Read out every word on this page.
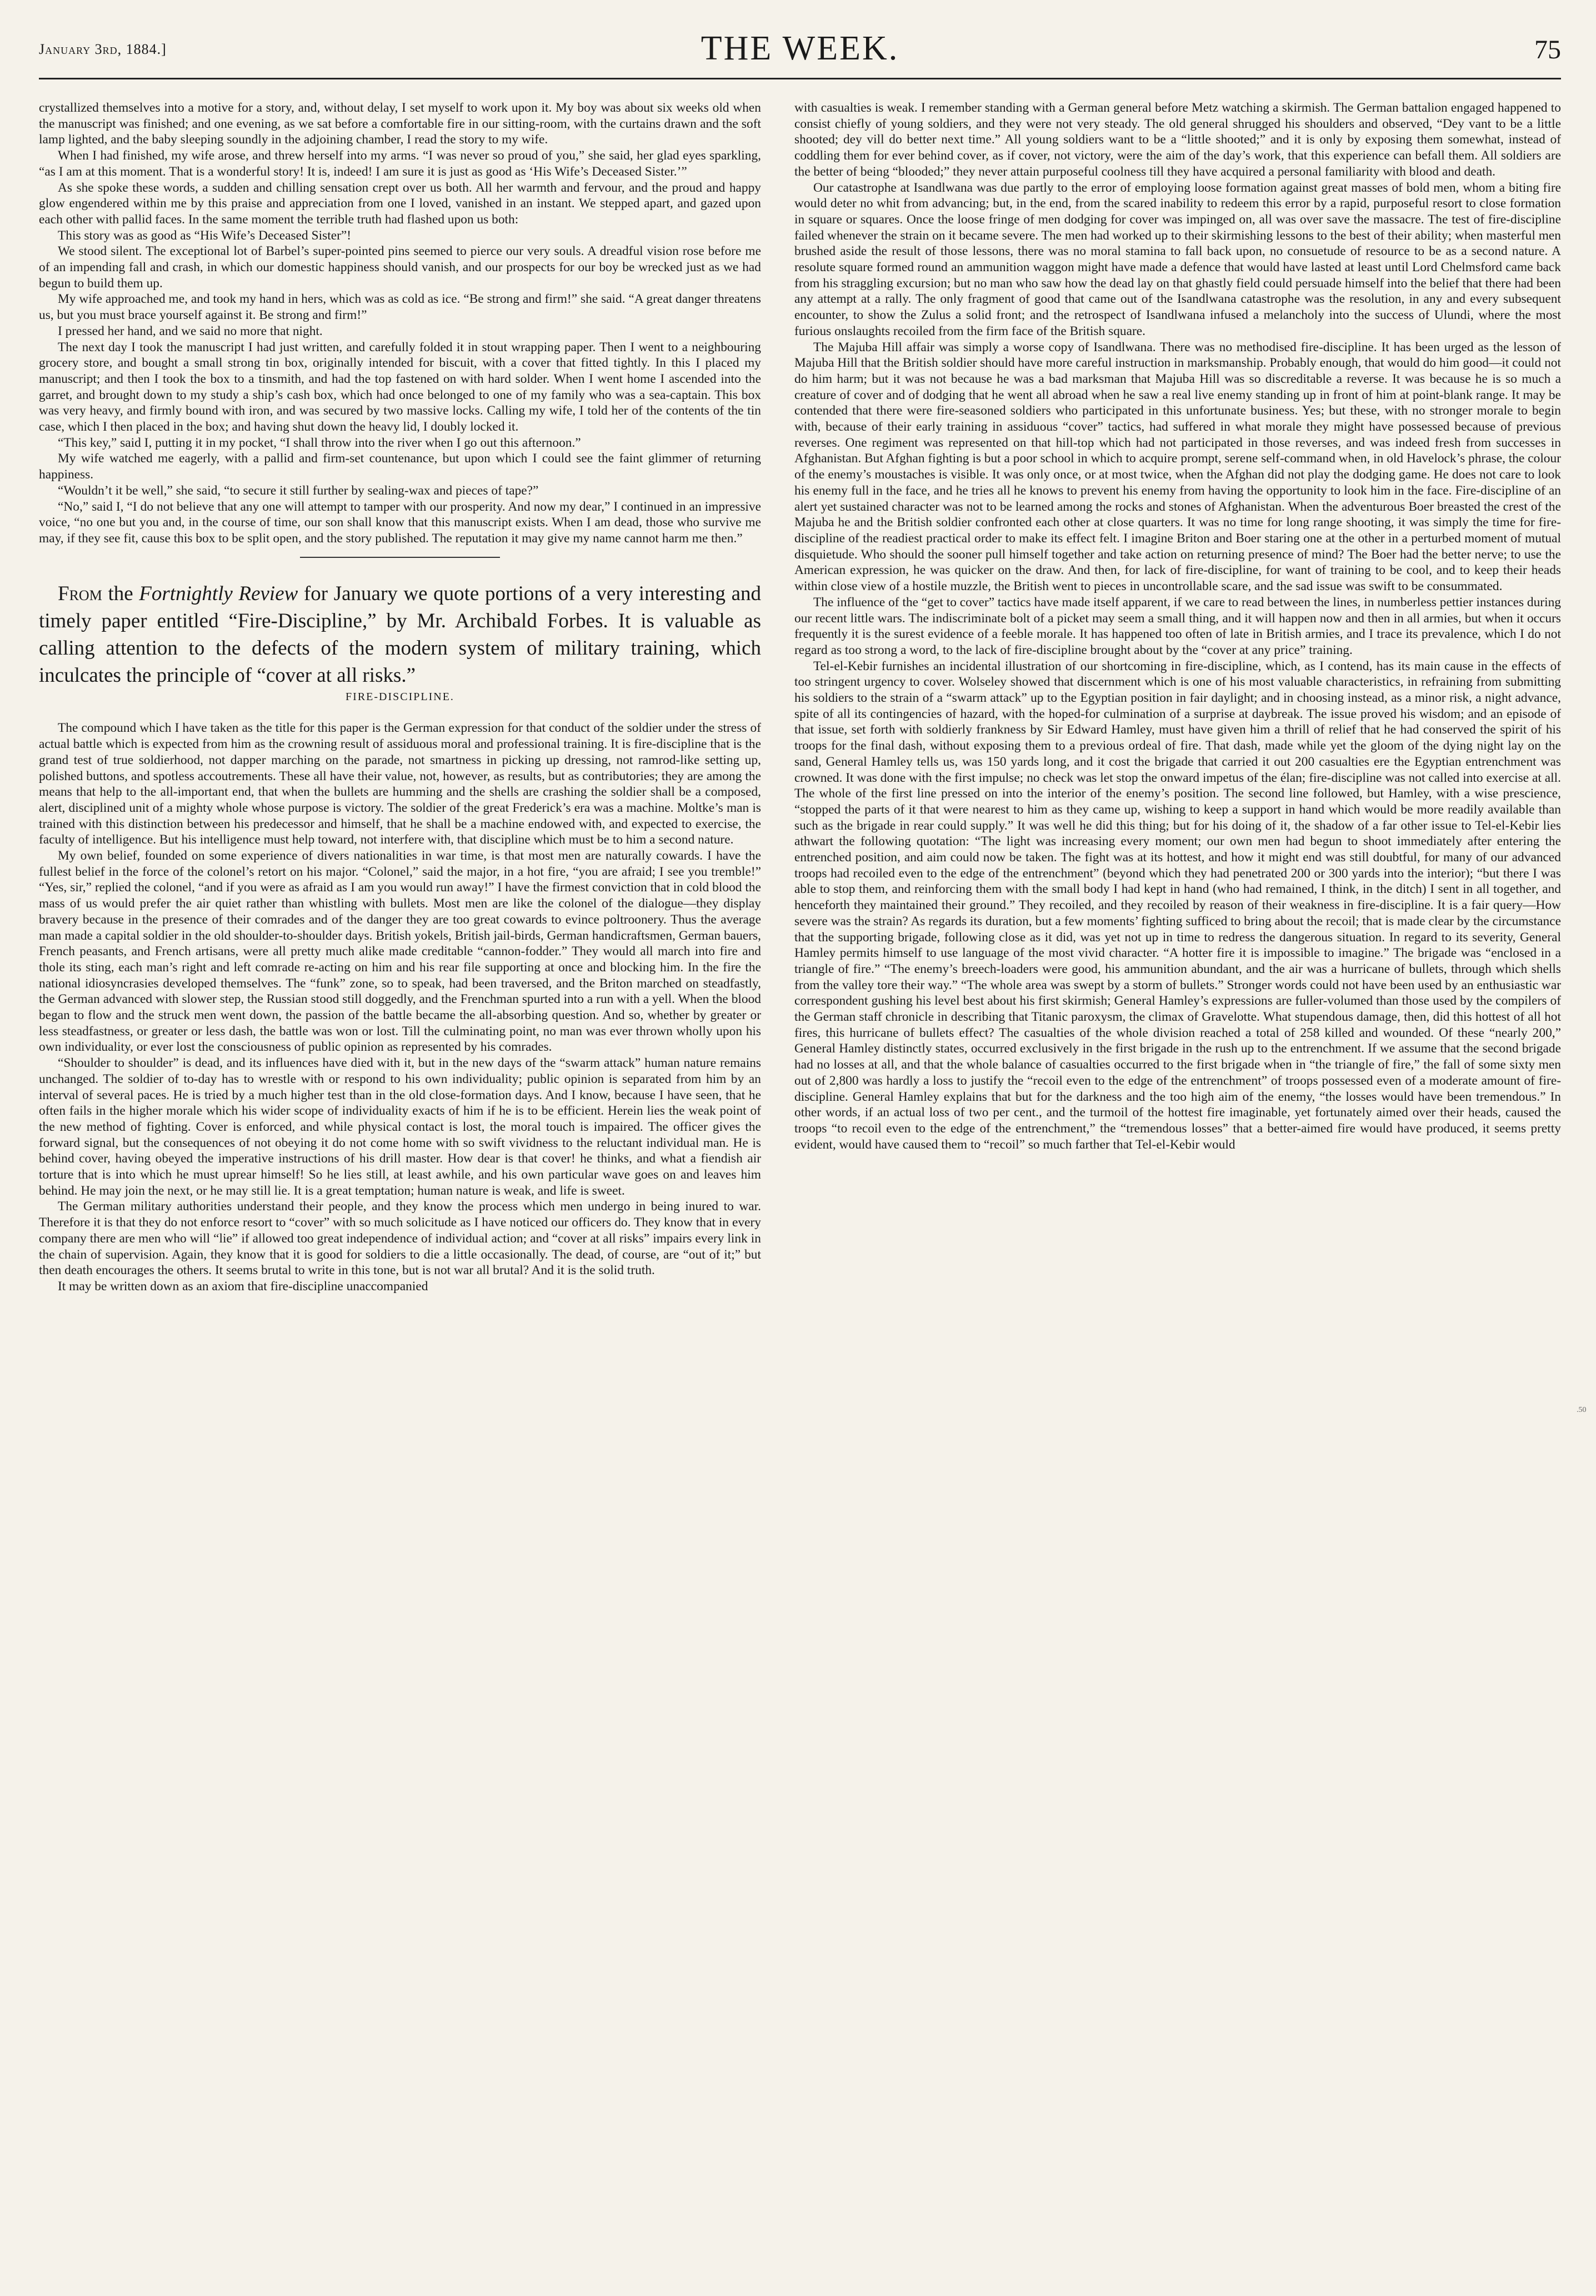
January 3rd, 1884.]	THE WEEK.	75

crystallized themselves into a motive for a story, and, without delay, I set myself to work upon it. My boy was about six weeks old when the manuscript was finished; and one evening, as we sat before a comfortable fire in our sitting-room, with the curtains drawn and the soft lamp lighted, and the baby sleeping soundly in the adjoining chamber, I read the story to my wife.

When I had finished, my wife arose, and threw herself into my arms. “I was never so proud of you,” she said, her glad eyes sparkling, “as I am at this moment. That is a wonderful story! It is, indeed! I am sure it is just as good as ‘His Wife’s Deceased Sister.’”

As she spoke these words, a sudden and chilling sensation crept over us both. All her warmth and fervour, and the proud and happy glow engendered within me by this praise and appreciation from one I loved, vanished in an instant. We stepped apart, and gazed upon each other with pallid faces. In the same moment the terrible truth had flashed upon us both:

This story was as good as “His Wife’s Deceased Sister”!

We stood silent. The exceptional lot of Barbel’s super-pointed pins seemed to pierce our very souls. A dreadful vision rose before me of an impending fall and crash, in which our domestic happiness should vanish, and our prospects for our boy be wrecked just as we had begun to build them up.

My wife approached me, and took my hand in hers, which was as cold as ice. “Be strong and firm!” she said. “A great danger threatens us, but you must brace yourself against it. Be strong and firm!”

I pressed her hand, and we said no more that night.

The next day I took the manuscript I had just written, and carefully folded it in stout wrapping paper. Then I went to a neighbouring grocery store, and bought a small strong tin box, originally intended for biscuit, with a cover that fitted tightly. In this I placed my manuscript; and then I took the box to a tinsmith, and had the top fastened on with hard solder. When I went home I ascended into the garret, and brought down to my study a ship’s cash box, which had once belonged to one of my family who was a sea-captain. This box was very heavy, and firmly bound with iron, and was secured by two massive locks. Calling my wife, I told her of the contents of the tin case, which I then placed in the box; and having shut down the heavy lid, I doubly locked it.

“This key,” said I, putting it in my pocket, “I shall throw into the river when I go out this afternoon.”

My wife watched me eagerly, with a pallid and firm-set countenance, but upon which I could see the faint glimmer of returning happiness.

“Wouldn’t it be well,” she said, “to secure it still further by sealing-wax and pieces of tape?”

“No,” said I, “I do not believe that any one will attempt to tamper with our prosperity. And now my dear,” I continued in an impressive voice, “no one but you and, in the course of time, our son shall know that this manuscript exists. When I am dead, those who survive me may, if they see fit, cause this box to be split open, and the story published. The reputation it may give my name cannot harm me then.”

From the Fortnightly Review for January we quote portions of a very interesting and timely paper entitled “Fire-Discipline,” by Mr. Archibald Forbes. It is valuable as calling attention to the defects of the modern system of military training, which inculcates the principle of “cover at all risks.”

FIRE-DISCIPLINE.

The compound which I have taken as the title for this paper is the German expression for that conduct of the soldier under the stress of actual battle which is expected from him as the crowning result of assiduous moral and professional training. It is fire-discipline that is the grand test of true soldierhood, not dapper marching on the parade, not smartness in picking up dressing, not ramrod-like setting up, polished buttons, and spotless accoutrements. These all have their value, not, however, as results, but as contributories; they are among the means that help to the all-important end, that when the bullets are humming and the shells are crashing the soldier shall be a composed, alert, disciplined unit of a mighty whole whose purpose is victory. The soldier of the great Frederick’s era was a machine. Moltke’s man is trained with this distinction between his predecessor and himself, that he shall be a machine endowed with, and expected to exercise, the faculty of intelligence. But his intelligence must help toward, not interfere with, that discipline which must be to him a second nature.

My own belief, founded on some experience of divers nationalities in war time, is that most men are naturally cowards. I have the fullest belief in the force of the colonel’s retort on his major. “Colonel,” said the major, in a hot fire, “you are afraid; I see you tremble!” “Yes, sir,” replied the colonel, “and if you were as afraid as I am you would run away!” I have the firmest conviction that in cold blood the mass of us would prefer the air quiet rather than whistling with bullets. Most men are like the colonel of the dialogue—they display bravery because in the presence of their comrades and of the danger they are too great cowards to evince poltroonery. Thus the average man made a capital soldier in the old shoulder-to-shoulder days. British yokels, British jail-birds, German handicraftsmen, German bauers, French peasants, and French artisans, were all pretty much alike made creditable “cannon-fodder.” They would all march into fire and thole its sting, each man’s right and left comrade re-acting on him and his rear file supporting at once and blocking him. In the fire the national idiosyncrasies developed themselves. The “funk” zone, so to speak, had been traversed, and the Briton marched on steadfastly, the German advanced with slower step, the Russian stood still doggedly, and the Frenchman spurted into a run with a yell. When the blood began to flow and the struck men went down, the passion of the battle became the all-absorbing question. And so, whether by greater or less steadfastness, or greater or less dash, the battle was won or lost. Till the culminating point, no man was ever thrown wholly upon his own individuality, or ever lost the consciousness of public opinion as represented by his comrades.

“Shoulder to shoulder” is dead, and its influences have died with it, but in the new days of the “swarm attack” human nature remains unchanged. The soldier of to-day has to wrestle with or respond to his own individuality; public opinion is separated from him by an interval of several paces. He is tried by a much higher test than in the old close-formation days. And I know, because I have seen, that he often fails in the higher morale which his wider scope of individuality exacts of him if he is to be efficient. Herein lies the weak point of the new method of fighting. Cover is enforced, and while physical contact is lost, the moral touch is impaired. The officer gives the forward signal, but the consequences of not obeying it do not come home with so swift vividness to the reluctant individual man. He is behind cover, having obeyed the imperative instructions of his drill master. How dear is that cover! he thinks, and what a fiendish air torture that is into which he must uprear himself! So he lies still, at least awhile, and his own particular wave goes on and leaves him behind. He may join the next, or he may still lie. It is a great temptation; human nature is weak, and life is sweet.

The German military authorities understand their people, and they know the process which men undergo in being inured to war. Therefore it is that they do not enforce resort to “cover” with so much solicitude as I have noticed our officers do. They know that in every company there are men who will “lie” if allowed too great independence of individual action; and “cover at all risks” impairs every link in the chain of supervision. Again, they know that it is good for soldiers to die a little occasionally. The dead, of course, are “out of it;” but then death encourages the others. It seems brutal to write in this tone, but is not war all brutal? And it is the solid truth.

It may be written down as an axiom that fire-discipline unaccompanied

with casualties is weak. I remember standing with a German general before Metz watching a skirmish. The German battalion engaged happened to consist chiefly of young soldiers, and they were not very steady. The old general shrugged his shoulders and observed, “Dey vant to be a little shooted; dey vill do better next time.” All young soldiers want to be a “little shooted;” and it is only by exposing them somewhat, instead of coddling them for ever behind cover, as if cover, not victory, were the aim of the day’s work, that this experience can befall them. All soldiers are the better of being “blooded;” they never attain purposeful coolness till they have acquired a personal familiarity with blood and death.

Our catastrophe at Isandlwana was due partly to the error of employing loose formation against great masses of bold men, whom a biting fire would deter no whit from advancing; but, in the end, from the scared inability to redeem this error by a rapid, purposeful resort to close formation in square or squares. Once the loose fringe of men dodging for cover was impinged on, all was over save the massacre. The test of fire-discipline failed whenever the strain on it became severe. The men had worked up to their skirmishing lessons to the best of their ability; when masterful men brushed aside the result of those lessons, there was no moral stamina to fall back upon, no consuetude of resource to be as a second nature. A resolute square formed round an ammunition waggon might have made a defence that would have lasted at least until Lord Chelmsford came back from his straggling excursion; but no man who saw how the dead lay on that ghastly field could persuade himself into the belief that there had been any attempt at a rally. The only fragment of good that came out of the Isandlwana catastrophe was the resolution, in any and every subsequent encounter, to show the Zulus a solid front; and the retrospect of Isandlwana infused a melancholy into the success of Ulundi, where the most furious onslaughts recoiled from the firm face of the British square.

The Majuba Hill affair was simply a worse copy of Isandlwana. There was no methodised fire-discipline. It has been urged as the lesson of Majuba Hill that the British soldier should have more careful instruction in marksmanship. Probably enough, that would do him good—it could not do him harm; but it was not because he was a bad marksman that Majuba Hill was so discreditable a reverse. It was because he is so much a creature of cover and of dodging that he went all abroad when he saw a real live enemy standing up in front of him at point-blank range. It may be contended that there were fire-seasoned soldiers who participated in this unfortunate business. Yes; but these, with no stronger morale to begin with, because of their early training in assiduous “cover” tactics, had suffered in what morale they might have possessed because of previous reverses. One regiment was represented on that hill-top which had not participated in those reverses, and was indeed fresh from successes in Afghanistan. But Afghan fighting is but a poor school in which to acquire prompt, serene self-command when, in old Havelock’s phrase, the colour of the enemy’s moustaches is visible. It was only once, or at most twice, when the Afghan did not play the dodging game. He does not care to look his enemy full in the face, and he tries all he knows to prevent his enemy from having the opportunity to look him in the face. Fire-discipline of an alert yet sustained character was not to be learned among the rocks and stones of Afghanistan. When the adventurous Boer breasted the crest of the Majuba he and the British soldier confronted each other at close quarters. It was no time for long range shooting, it was simply the time for fire-discipline of the readiest practical order to make its effect felt. I imagine Briton and Boer staring one at the other in a perturbed moment of mutual disquietude. Who should the sooner pull himself together and take action on returning presence of mind? The Boer had the better nerve; to use the American expression, he was quicker on the draw. And then, for lack of fire-discipline, for want of training to be cool, and to keep their heads within close view of a hostile muzzle, the British went to pieces in uncontrollable scare, and the sad issue was swift to be consummated.

The influence of the “get to cover” tactics have made itself apparent, if we care to read between the lines, in numberless pettier instances during our recent little wars. The indiscriminate bolt of a picket may seem a small thing, and it will happen now and then in all armies, but when it occurs frequently it is the surest evidence of a feeble morale. It has happened too often of late in British armies, and I trace its prevalence, which I do not regard as too strong a word, to the lack of fire-discipline brought about by the “cover at any price” training.

Tel-el-Kebir furnishes an incidental illustration of our shortcoming in fire-discipline, which, as I contend, has its main cause in the effects of too stringent urgency to cover. Wolseley showed that discernment which is one of his most valuable characteristics, in refraining from submitting his soldiers to the strain of a “swarm attack” up to the Egyptian position in fair daylight; and in choosing instead, as a minor risk, a night advance, spite of all its contingencies of hazard, with the hoped-for culmination of a surprise at daybreak. The issue proved his wisdom; and an episode of that issue, set forth with soldierly frankness by Sir Edward Hamley, must have given him a thrill of relief that he had conserved the spirit of his troops for the final dash, without exposing them to a previous ordeal of fire. That dash, made while yet the gloom of the dying night lay on the sand, General Hamley tells us, was 150 yards long, and it cost the brigade that carried it out 200 casualties ere the Egyptian entrenchment was crowned. It was done with the first impulse; no check was let stop the onward impetus of the élan; fire-discipline was not called into exercise at all. The whole of the first line pressed on into the interior of the enemy’s position. The second line followed, but Hamley, with a wise prescience, “stopped the parts of it that were nearest to him as they came up, wishing to keep a support in hand which would be more readily available than such as the brigade in rear could supply.” It was well he did this thing; but for his doing of it, the shadow of a far other issue to Tel-el-Kebir lies athwart the following quotation: “The light was increasing every moment; our own men had begun to shoot immediately after entering the entrenched position, and aim could now be taken. The fight was at its hottest, and how it might end was still doubtful, for many of our advanced troops had recoiled even to the edge of the entrenchment” (beyond which they had penetrated 200 or 300 yards into the interior); “but there I was able to stop them, and reinforcing them with the small body I had kept in hand (who had remained, I think, in the ditch) I sent in all together, and henceforth they maintained their ground.” They recoiled, and they recoiled by reason of their weakness in fire-discipline. It is a fair query—How severe was the strain? As regards its duration, but a few moments’ fighting sufficed to bring about the recoil; that is made clear by the circumstance that the supporting brigade, following close as it did, was yet not up in time to redress the dangerous situation. In regard to its severity, General Hamley permits himself to use language of the most vivid character. “A hotter fire it is impossible to imagine.” The brigade was “enclosed in a triangle of fire.” “The enemy’s breech-loaders were good, his ammunition abundant, and the air was a hurricane of bullets, through which shells from the valley tore their way.” “The whole area was swept by a storm of bullets.” Stronger words could not have been used by an enthusiastic war correspondent gushing his level best about his first skirmish; General Hamley’s expressions are fuller-volumed than those used by the compilers of the German staff chronicle in describing that Titanic paroxysm, the climax of Gravelotte. What stupendous damage, then, did this hottest of all hot fires, this hurricane of bullets effect? The casualties of the whole division reached a total of 258 killed and wounded. Of these “nearly 200,” General Hamley distinctly states, occurred exclusively in the first brigade in the rush up to the entrenchment. If we assume that the second brigade had no losses at all, and that the whole balance of casualties occurred to the first brigade when in “the triangle of fire,” the fall of some sixty men out of 2,800 was hardly a loss to justify the “recoil even to the edge of the entrenchment” of troops possessed even of a moderate amount of fire-discipline. General Hamley explains that but for the darkness and the too high aim of the enemy, “the losses would have been tremendous.” In other words, if an actual loss of two per cent., and the turmoil of the hottest fire imaginable, yet fortunately aimed over their heads, caused the troops “to recoil even to the edge of the entrenchment,” the “tremendous losses” that a better-aimed fire would have produced, it seems pretty evident, would have caused them to “recoil” so much farther that Tel-el-Kebir would

.50
